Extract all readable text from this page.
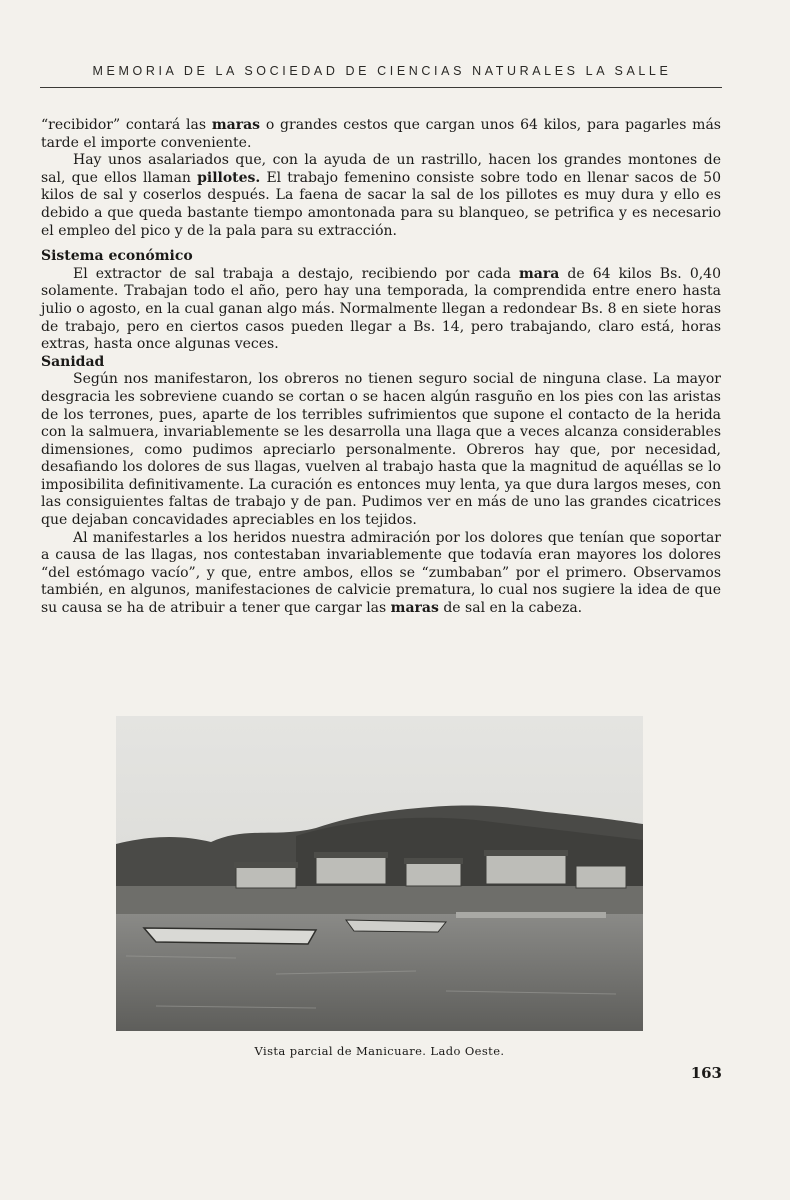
MEMORIA DE LA SOCIEDAD DE CIENCIAS NATURALES LA SALLE

“recibidor” contará las maras o grandes cestos que cargan unos 64 kilos, para pagarles más tarde el importe conveniente.

Hay unos asalariados que, con la ayuda de un rastrillo, hacen los grandes montones de sal, que ellos llaman pillotes. El trabajo femenino consiste sobre todo en llenar sacos de 50 kilos de sal y coserlos después. La faena de sacar la sal de los pillotes es muy dura y ello es debido a que queda bastante tiempo amontonada para su blanqueo, se petrifica y es necesario el empleo del pico y de la pala para su extracción.

Sistema económico

El extractor de sal trabaja a destajo, recibiendo por cada mara de 64 kilos Bs. 0,40 solamente. Trabajan todo el año, pero hay una temporada, la comprendida entre enero hasta julio o agosto, en la cual ganan algo más. Normalmente llegan a redondear Bs. 8 en siete horas de trabajo, pero en ciertos casos pueden llegar a Bs. 14, pero trabajando, claro está, horas extras, hasta once algunas veces.

Sanidad

Según nos manifestaron, los obreros no tienen seguro social de ninguna clase. La mayor desgracia les sobreviene cuando se cortan o se hacen algún rasguño en los pies con las aristas de los terrones, pues, aparte de los terribles sufrimientos que supone el contacto de la herida con la salmuera, invariablemente se les desarrolla una llaga que a veces alcanza considerables dimensiones, como pudimos apreciarlo personalmente. Obreros hay que, por necesidad, desafiando los dolores de sus llagas, vuelven al trabajo hasta que la magnitud de aquéllas se lo imposibilita definitivamente. La curación es entonces muy lenta, ya que dura largos meses, con las consiguientes faltas de trabajo y de pan. Pudimos ver en más de uno las grandes cicatrices que dejaban concavidades apreciables en los tejidos.

Al manifestarles a los heridos nuestra admiración por los dolores que tenían que soportar a causa de las llagas, nos contestaban invariablemente que todavía eran mayores los dolores “del estómago vacío”, y que, entre ambos, ellos se “zumbaban” por el primero. Observamos también, en algunos, manifestaciones de calvicie prematura, lo cual nos sugiere la idea de que su causa se ha de atribuir a tener que cargar las maras de sal en la cabeza.

Vista parcial de Manicuare. Lado Oeste.
163
